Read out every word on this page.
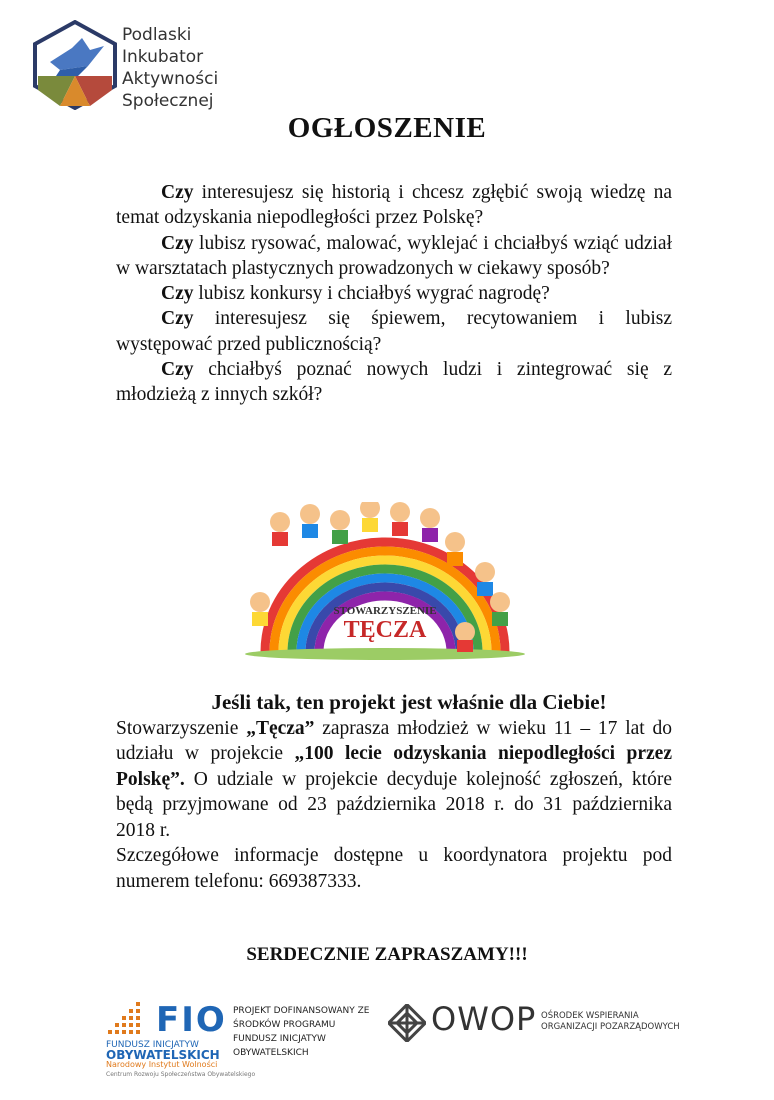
Podlaski
Inkubator
Aktywności
Społecznej
OGŁOSZENIE

Czy interesujesz się historią i chcesz zgłębić swoją wiedzę na temat odzyskania niepodległości przez Polskę?

Czy lubisz rysować, malować, wyklejać i chciałbyś wziąć udział w warsztatach plastycznych prowadzonych w ciekawy sposób?

Czy lubisz konkursy i chciałbyś wygrać nagrodę?

Czy interesujesz się śpiewem, recytowaniem i lubisz występować przed publicznością?

Czy chciałbyś poznać nowych ludzi i zintegrować się z młodzieżą z innych szkół?

STOWARZYSZENIE
TĘCZA

Jeśli tak, ten projekt jest właśnie dla Ciebie!

Stowarzyszenie „Tęcza” zaprasza młodzież w wieku 11 – 17 lat do udziału w projekcie „100 lecie odzyskania niepodległości przez Polskę”. O udziale w projekcie decyduje kolejność zgłoszeń, które będą przyjmowane od 23 października 2018 r. do 31 października 2018 r.

Szczegółowe informacje dostępne u koordynatora projektu pod numerem telefonu: 669387333.

SERDECZNIE ZAPRASZAMY!!!
FIO
FUNDUSZ INICJATYW
OBYWATELSKICH
Narodowy Instytut Wolności
Centrum Rozwoju Społeczeństwa Obywatelskiego
PROJEKT DOFINANSOWANY ZE ŚRODKÓW PROGRAMU FUNDUSZ INICJATYW OBYWATELSKICH
OWOP OŚRODEK WSPIERANIA
ORGANIZACJI POZARZĄDOWYCH
